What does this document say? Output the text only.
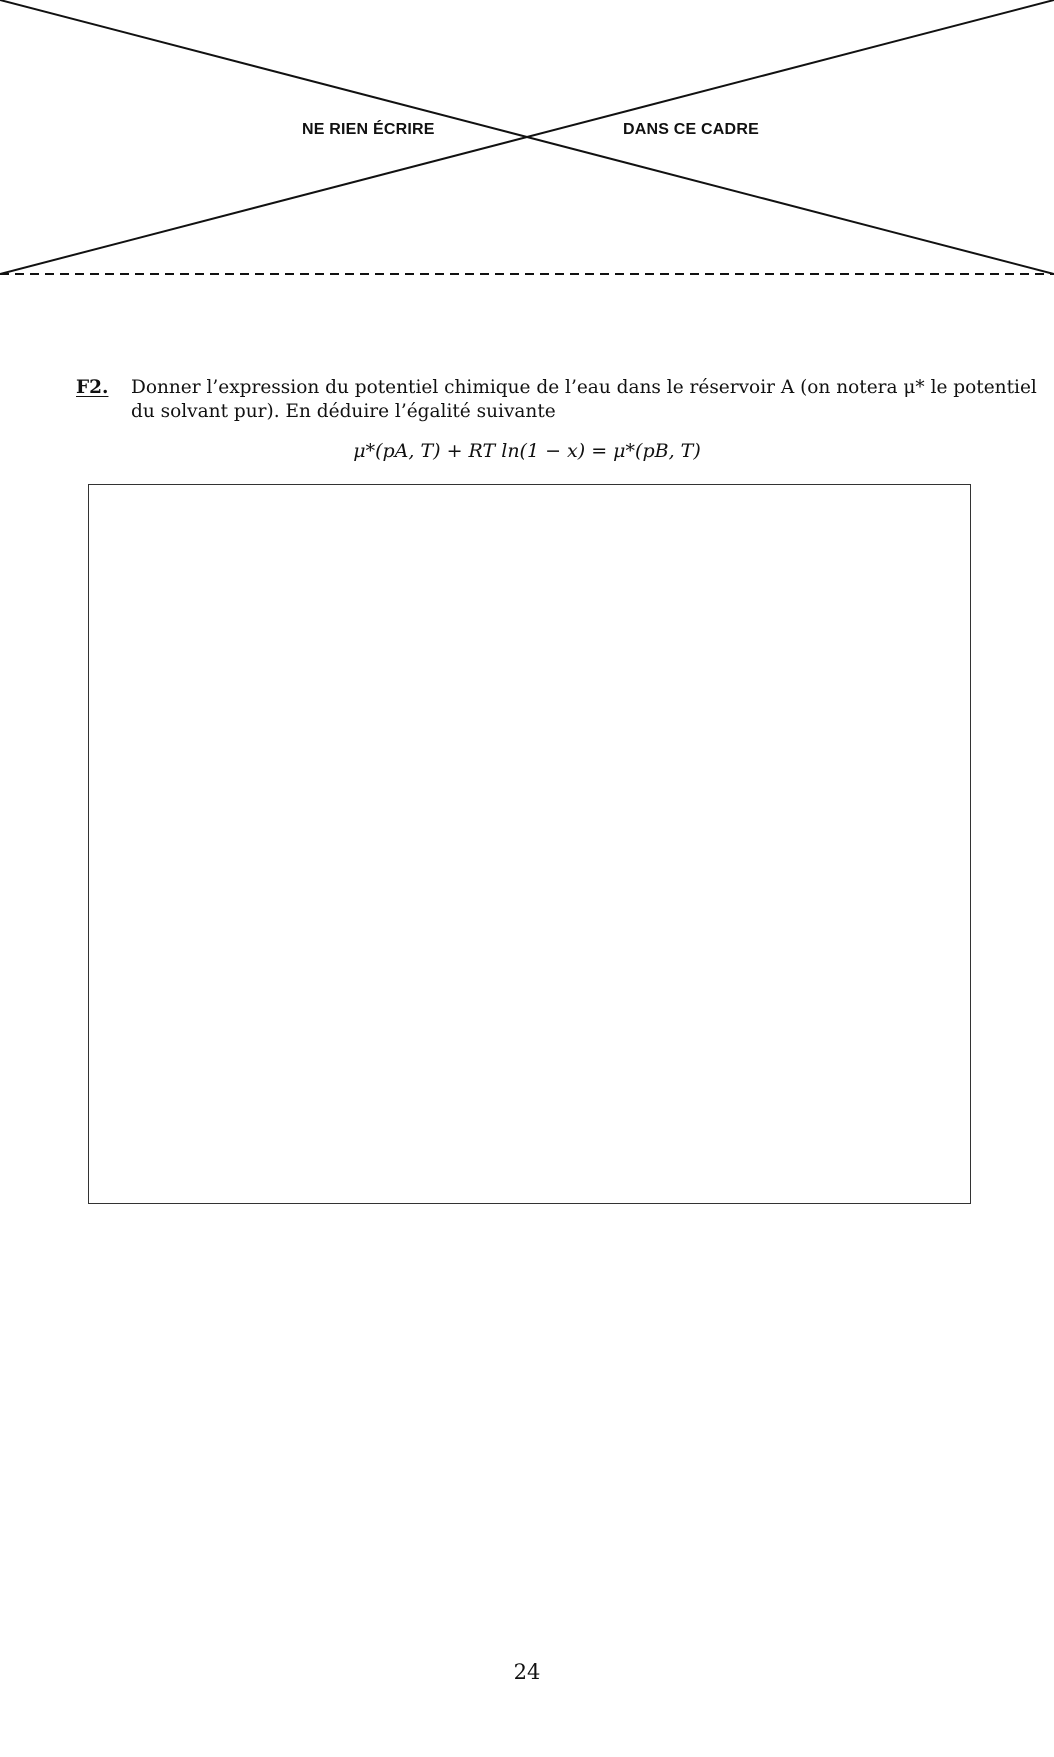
NE RIEN ÉCRIRE	DANS CE CADRE
F2. Donner l’expression du potentiel chimique de l’eau dans le réservoir A (on notera μ* le potentiel du solvant pur). En déduire l’égalité suivante
μ*(pA, T) + RT ln(1 − x) = μ*(pB, T)
24
